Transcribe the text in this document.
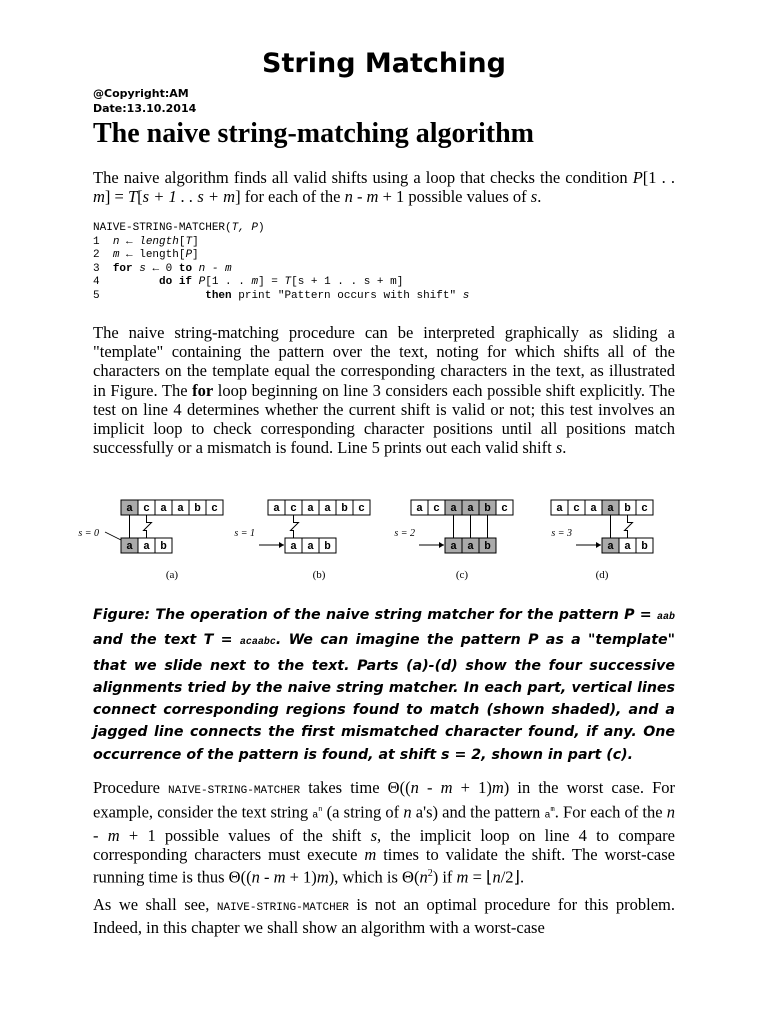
String Matching
@Copyright:AM
Date:13.10.2014
The naive string-matching algorithm
The naive algorithm finds all valid shifts using a loop that checks the condition P[1 . . m] = T[s + 1 . . s + m] for each of the n - m + 1 possible values of s.
NAIVE-STRING-MATCHER(T, P)
1 n ← length[T]
2 m ← length[P]
3 for s ← 0 to n - m
4	do if P[1 . . m] = T[s + 1 . . s + m]
5	then print "Pattern occurs with shift" s
The naive string-matching procedure can be interpreted graphically as sliding a "template" containing the pattern over the text, noting for which shifts all of the characters on the template equal the corresponding characters in the text, as illustrated in Figure. The for loop beginning on line 3 considers each possible shift explicitly. The test on line 4 determines whether the current shift is valid or not; this test involves an implicit loop to check corresponding character positions until all positions match successfully or a mismatch is found. Line 5 prints out each valid shift s.
a c a a b c
a a b
s = 0
(a)
a c a a b c
a a b
s = 1
(b)
a c a a b c
a a b
s = 2
(c)
a c a a b c
a a b
s = 3
(d)
Figure: The operation of the naive string matcher for the pattern P = aab and the text T = acaabc. We can imagine the pattern P as a "template" that we slide next to the text. Parts (a)-(d) show the four successive alignments tried by the naive string matcher. In each part, vertical lines connect corresponding regions found to match (shown shaded), and a jagged line connects the first mismatched character found, if any. One occurrence of the pattern is found, at shift s = 2, shown in part (c).
Procedure NAIVE-STRING-MATCHER takes time Θ((n - m + 1)m) in the worst case. For example, consider the text string $a^n$ (a string of n a's) and the pattern $a^m$. For each of the n - m + 1 possible values of the shift s, the implicit loop on line 4 to compare corresponding characters must execute m times to validate the shift. The worst-case running time is thus Θ((n - m + 1)m), which is $\Theta(n^2)$ if m = ⌊n/2⌋.
As we shall see, NAIVE-STRING-MATCHER is not an optimal procedure for this problem. Indeed, in this chapter we shall show an algorithm with a worst-case
